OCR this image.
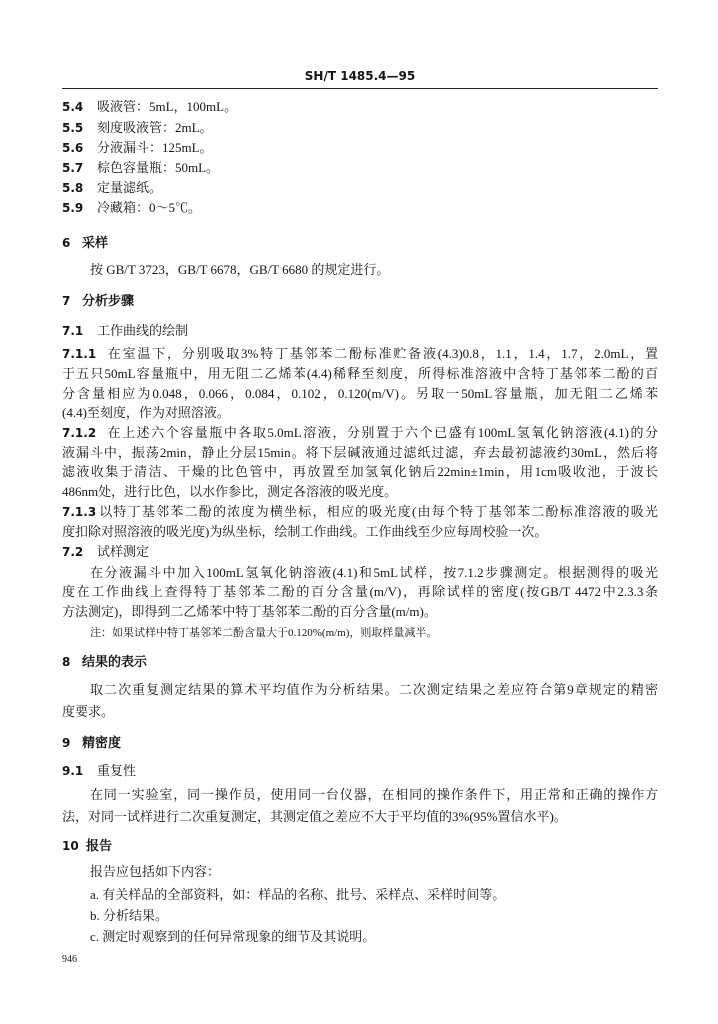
SH/T 1485.4—95
5.4 吸液管：5mL，100mL。
5.5 刻度吸液管：2mL。
5.6 分液漏斗：125mL。
5.7 棕色容量瓶：50mL。
5.8 定量滤纸。
5.9 冷藏箱：0～5℃。
6 采样
按 GB/T 3723，GB/T 6678，GB/T 6680 的规定进行。
7 分析步骤
7.1 工作曲线的绘制
7.1.1 在室温下，分别吸取3%特丁基邻苯二酚标准贮备液(4.3)0.8，1.1，1.4，1.7，2.0mL，置
于五只50mL容量瓶中，用无阻二乙烯苯(4.4)稀释至刻度，所得标准溶液中含特丁基邻苯二酚的百
分含量相应为0.048，0.066，0.084，0.102，0.120(m/V)。另取一50mL容量瓶，加无阻二乙烯苯
(4.4)至刻度，作为对照溶液。
7.1.2 在上述六个容量瓶中各取5.0mL溶液，分别置于六个已盛有100mL氢氧化钠溶液(4.1)的分
液漏斗中，振荡2min，静止分层15min。将下层碱液通过滤纸过滤，弃去最初滤液约30mL，然后将
滤液收集于清洁、干燥的比色管中，再放置至加氢氧化钠后22min±1min，用1cm吸收池，于波长
486nm处，进行比色，以水作参比，测定各溶液的吸光度。
7.1.3 以特丁基邻苯二酚的浓度为横坐标，相应的吸光度(由每个特丁基邻苯二酚标准溶液的吸光
度扣除对照溶液的吸光度)为纵坐标，绘制工作曲线。工作曲线至少应每周校验一次。
7.2 试样测定
在分液漏斗中加入100mL氢氧化钠溶液(4.1)和5mL试样，按7.1.2步骤测定。根据测得的吸光
度在工作曲线上查得特丁基邻苯二酚的百分含量(m/V)，再除试样的密度(按GB/T 4472中2.3.3条
方法测定)，即得到二乙烯苯中特丁基邻苯二酚的百分含量(m/m)。
注：如果试样中特丁基邻苯二酚含量大于0.120%(m/m)，则取样量减半。
8 结果的表示
取二次重复测定结果的算术平均值作为分析结果。二次测定结果之差应符合第9章规定的精密
度要求。
9 精密度
9.1 重复性
在同一实验室，同一操作员，使用同一台仪器，在相同的操作条件下，用正常和正确的操作方
法，对同一试样进行二次重复测定，其测定值之差应不大于平均值的3%(95%置信水平)。
10 报告
报告应包括如下内容：
a. 有关样品的全部资料，如：样品的名称、批号、采样点、采样时间等。
b. 分析结果。
c. 测定时观察到的任何异常现象的细节及其说明。
946
